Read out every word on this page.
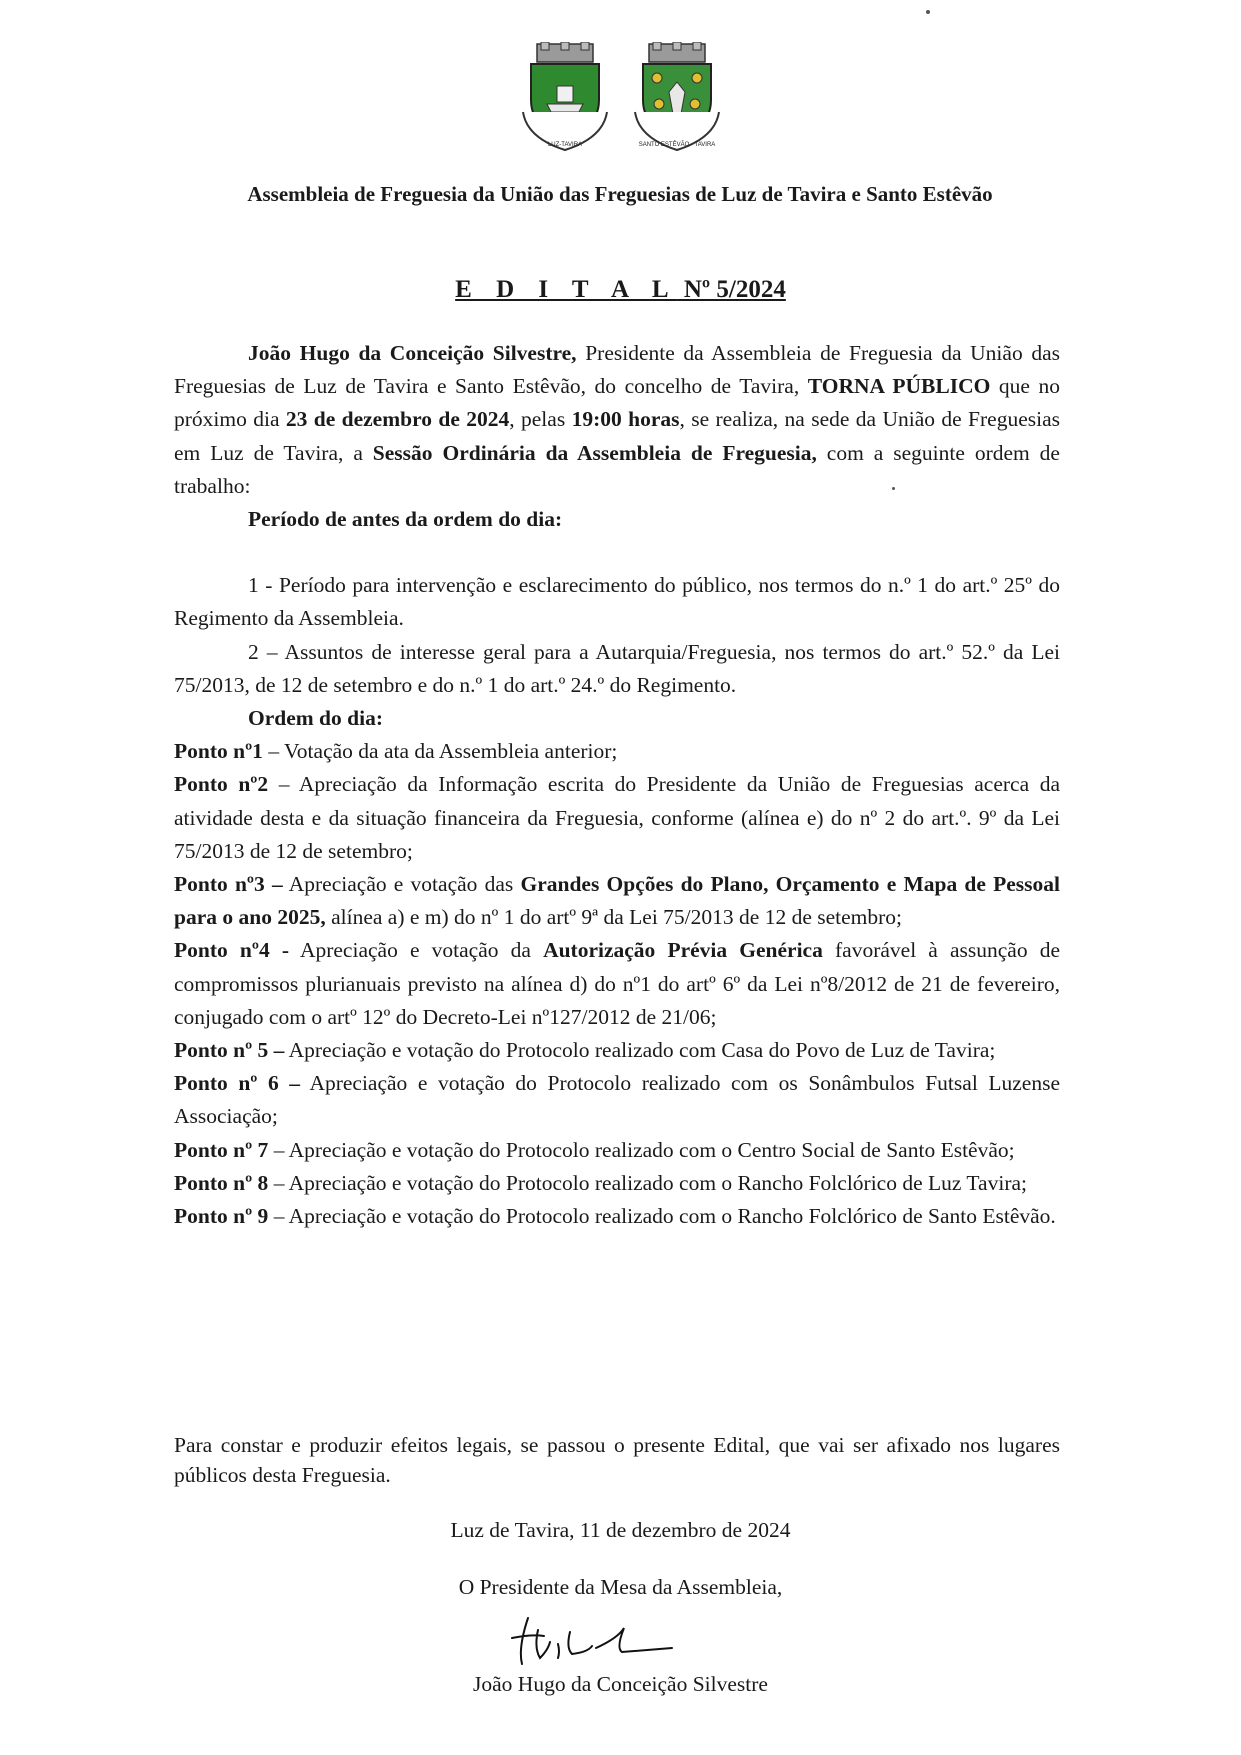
LUZ-TAVIRA	SANTO ESTÊVÃO - TAVIRA
Assembleia de Freguesia da União das Freguesias de Luz de Tavira e Santo Estêvão
E D I T A L Nº 5/2024

João Hugo da Conceição Silvestre, Presidente da Assembleia de Freguesia da União das Freguesias de Luz de Tavira e Santo Estêvão, do concelho de Tavira, TORNA PÚBLICO que no próximo dia 23 de dezembro de 2024, pelas 19:00 horas, se realiza, na sede da União de Freguesias em Luz de Tavira, a Sessão Ordinária da Assembleia de Freguesia, com a seguinte ordem de trabalho:

Período de antes da ordem do dia:

1 - Período para intervenção e esclarecimento do público, nos termos do n.º 1 do art.º 25º do Regimento da Assembleia.

2 – Assuntos de interesse geral para a Autarquia/Freguesia, nos termos do art.º 52.º da Lei 75/2013, de 12 de setembro e do n.º 1 do art.º 24.º do Regimento.

Ordem do dia:

Ponto nº1 – Votação da ata da Assembleia anterior;

Ponto nº2 – Apreciação da Informação escrita do Presidente da União de Freguesias acerca da atividade desta e da situação financeira da Freguesia, conforme (alínea e) do nº 2 do art.º. 9º da Lei 75/2013 de 12 de setembro;

Ponto nº3 – Apreciação e votação das Grandes Opções do Plano, Orçamento e Mapa de Pessoal para o ano 2025, alínea a) e m) do nº 1 do artº 9ª da Lei 75/2013 de 12 de setembro;

Ponto nº4 - Apreciação e votação da Autorização Prévia Genérica favorável à assunção de compromissos plurianuais previsto na alínea d) do nº1 do artº 6º da Lei nº8/2012 de 21 de fevereiro, conjugado com o artº 12º do Decreto-Lei nº127/2012 de 21/06;

Ponto nº 5 – Apreciação e votação do Protocolo realizado com Casa do Povo de Luz de Tavira;

Ponto nº 6 – Apreciação e votação do Protocolo realizado com os Sonâmbulos Futsal Luzense Associação;

Ponto nº 7 – Apreciação e votação do Protocolo realizado com o Centro Social de Santo Estêvão;

Ponto nº 8 – Apreciação e votação do Protocolo realizado com o Rancho Folclórico de Luz Tavira;

Ponto nº 9 – Apreciação e votação do Protocolo realizado com o Rancho Folclórico de Santo Estêvão.

Para constar e produzir efeitos legais, se passou o presente Edital, que vai ser afixado nos lugares públicos desta Freguesia.

Luz de Tavira, 11 de dezembro de 2024
O Presidente da Mesa da Assembleia,
João Hugo da Conceição Silvestre
